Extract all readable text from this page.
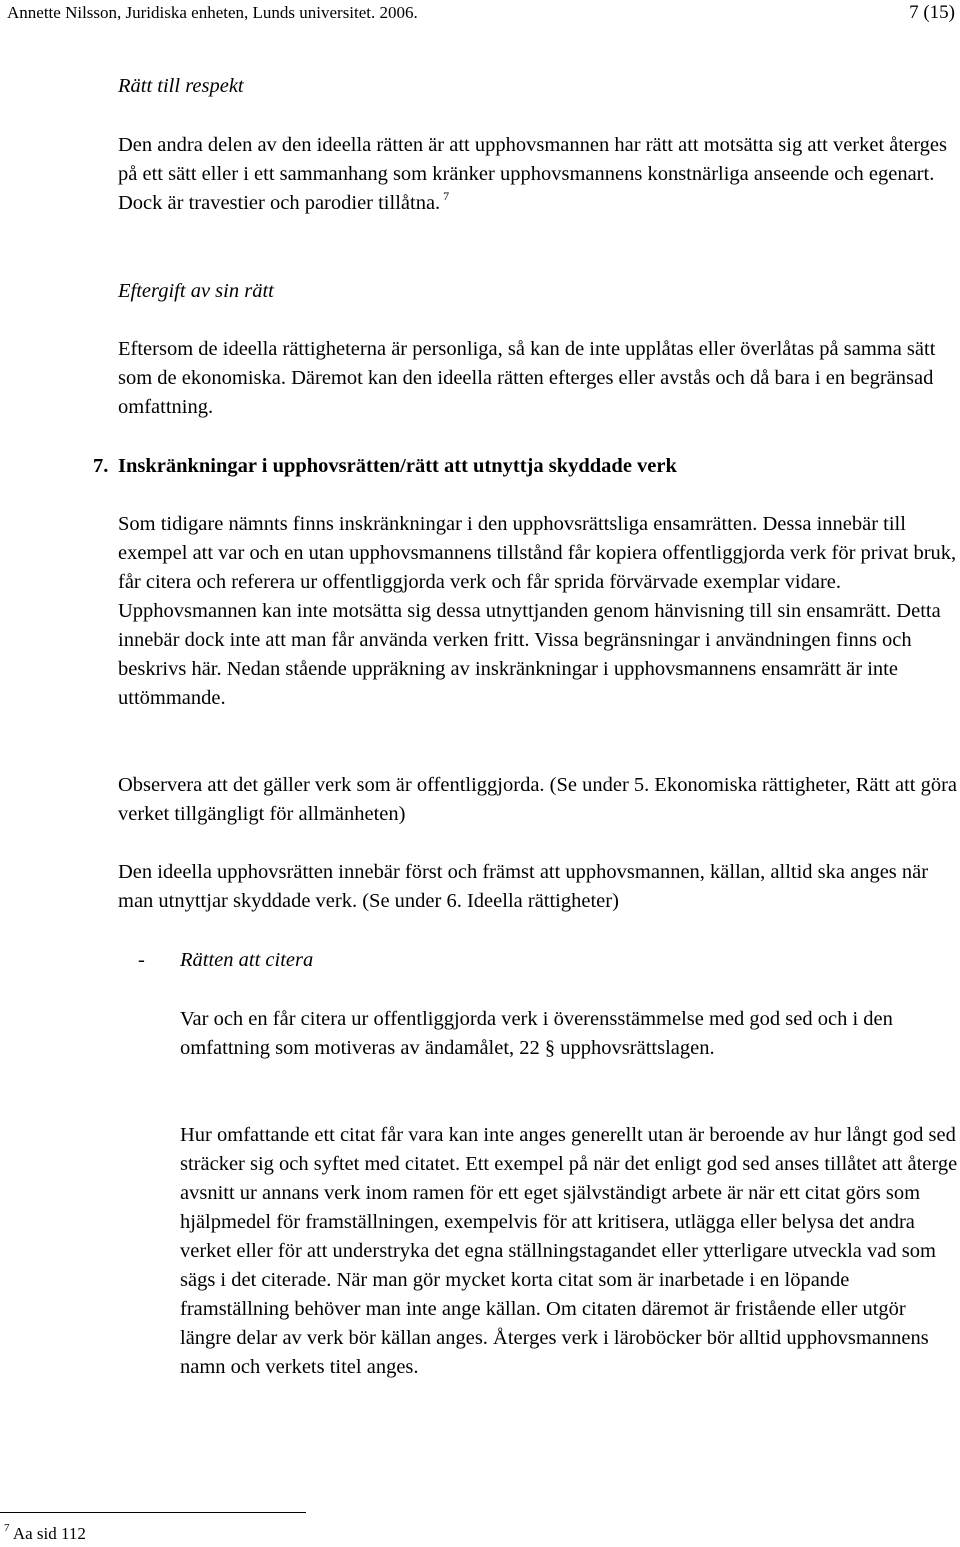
Annette Nilsson, Juridiska enheten, Lunds universitet. 2006.	7 (15)

Rätt till respekt

Den andra delen av den ideella rätten är att upphovsmannen har rätt att motsätta sig att verket återges på ett sätt eller i ett sammanhang som kränker upphovsmannens konstnärliga anseende och egenart. Dock är travestier och parodier tillåtna. $^7$

Eftergift av sin rätt

Eftersom de ideella rättigheterna är personliga, så kan de inte upplåtas eller överlåtas på samma sätt som de ekonomiska. Däremot kan den ideella rätten efterges eller avstås och då bara i en begränsad omfattning.

7. Inskränkningar i upphovsrätten/rätt att utnyttja skyddade verk

Som tidigare nämnts finns inskränkningar i den upphovsrättsliga ensamrätten. Dessa innebär till exempel att var och en utan upphovsmannens tillstånd får kopiera offentliggjorda verk för privat bruk, får citera och referera ur offentliggjorda verk och får sprida förvärvade exemplar vidare. Upphovsmannen kan inte motsätta sig dessa utnyttjanden genom hänvisning till sin ensamrätt. Detta innebär dock inte att man får använda verken fritt. Vissa begränsningar i användningen finns och beskrivs här. Nedan stående uppräkning av inskränkningar i upphovsmannens ensamrätt är inte uttömmande.

Observera att det gäller verk som är offentliggjorda. (Se under 5. Ekonomiska rättigheter, Rätt att göra verket tillgängligt för allmänheten)

Den ideella upphovsrätten innebär först och främst att upphovsmannen, källan, alltid ska anges när man utnyttjar skyddade verk. (Se under 6. Ideella rättigheter)

- Rätten att citera

Var och en får citera ur offentliggjorda verk i överensstämmelse med god sed och i den omfattning som motiveras av ändamålet, 22 § upphovsrättslagen.

Hur omfattande ett citat får vara kan inte anges generellt utan är beroende av hur långt god sed sträcker sig och syftet med citatet. Ett exempel på när det enligt god sed anses tillåtet att återge avsnitt ur annans verk inom ramen för ett eget självständigt arbete är när ett citat görs som hjälpmedel för framställningen, exempelvis för att kritisera, utlägga eller belysa det andra verket eller för att understryka det egna ställningstagandet eller ytterligare utveckla vad som sägs i det citerade. När man gör mycket korta citat som är inarbetade i en löpande framställning behöver man inte ange källan. Om citaten däremot är fristående eller utgör längre delar av verk bör källan anges. Återges verk i läroböcker bör alltid upphovsmannens namn och verkets titel anges.

$^7$ Aa sid 112
